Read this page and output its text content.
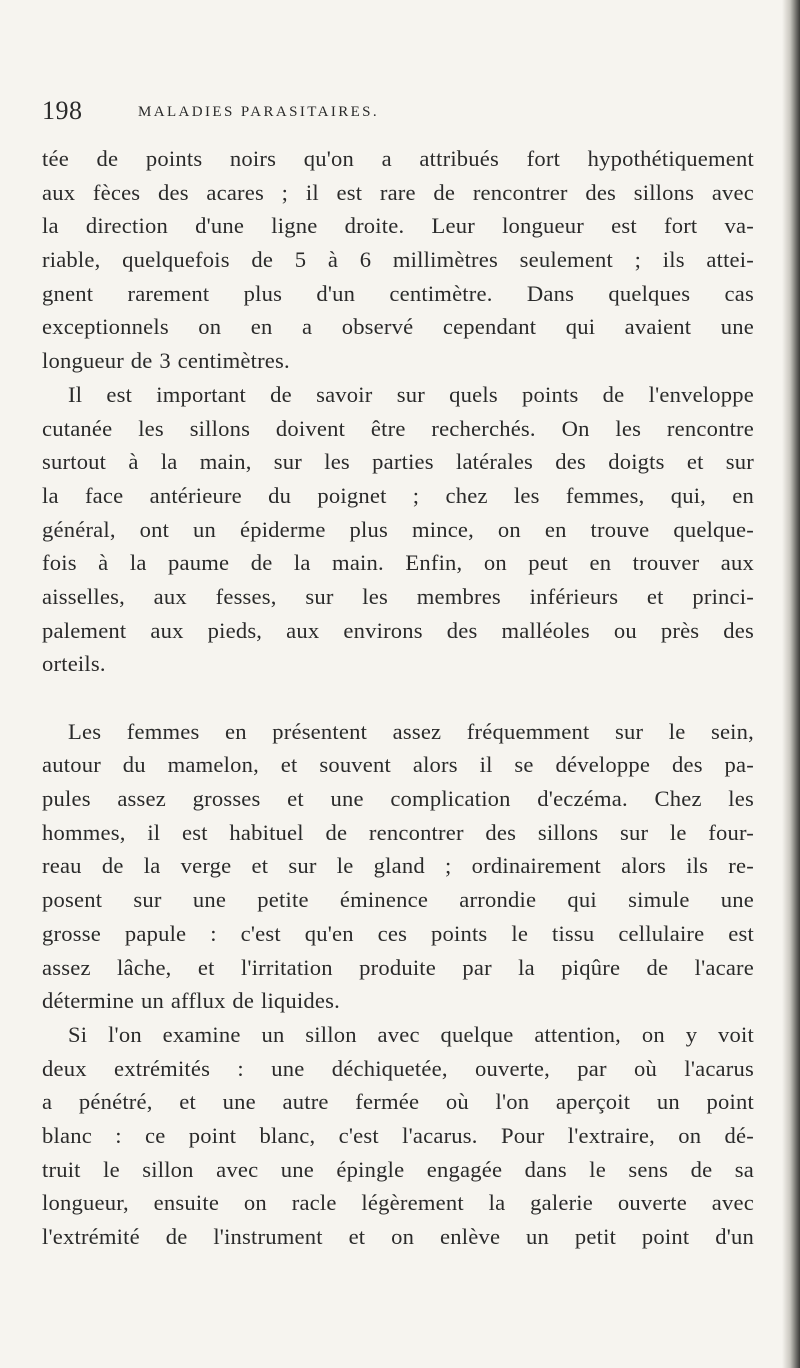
198	MALADIES PARASITAIRES.
tée de points noirs qu'on a attribués fort hypothétiquement
aux fèces des acares ; il est rare de rencontrer des sillons avec
la direction d'une ligne droite. Leur longueur est fort va-
riable, quelquefois de 5 à 6 millimètres seulement ; ils attei-
gnent rarement plus d'un centimètre. Dans quelques cas
exceptionnels on en a observé cependant qui avaient une
longueur de 3 centimètres.
Il est important de savoir sur quels points de l'enveloppe
cutanée les sillons doivent être recherchés. On les rencontre
surtout à la main, sur les parties latérales des doigts et sur
la face antérieure du poignet ; chez les femmes, qui, en
général, ont un épiderme plus mince, on en trouve quelque-
fois à la paume de la main. Enfin, on peut en trouver aux
aisselles, aux fesses, sur les membres inférieurs et princi-
palement aux pieds, aux environs des malléoles ou près des
orteils.
Les femmes en présentent assez fréquemment sur le sein,
autour du mamelon, et souvent alors il se développe des pa-
pules assez grosses et une complication d'eczéma. Chez les
hommes, il est habituel de rencontrer des sillons sur le four-
reau de la verge et sur le gland ; ordinairement alors ils re-
posent sur une petite éminence arrondie qui simule une
grosse papule : c'est qu'en ces points le tissu cellulaire est
assez lâche, et l'irritation produite par la piqûre de l'acare
détermine un afflux de liquides.
Si l'on examine un sillon avec quelque attention, on y voit
deux extrémités : une déchiquetée, ouverte, par où l'acarus
a pénétré, et une autre fermée où l'on aperçoit un point
blanc : ce point blanc, c'est l'acarus. Pour l'extraire, on dé-
truit le sillon avec une épingle engagée dans le sens de sa
longueur, ensuite on racle légèrement la galerie ouverte avec
l'extrémité de l'instrument et on enlève un petit point d'un
